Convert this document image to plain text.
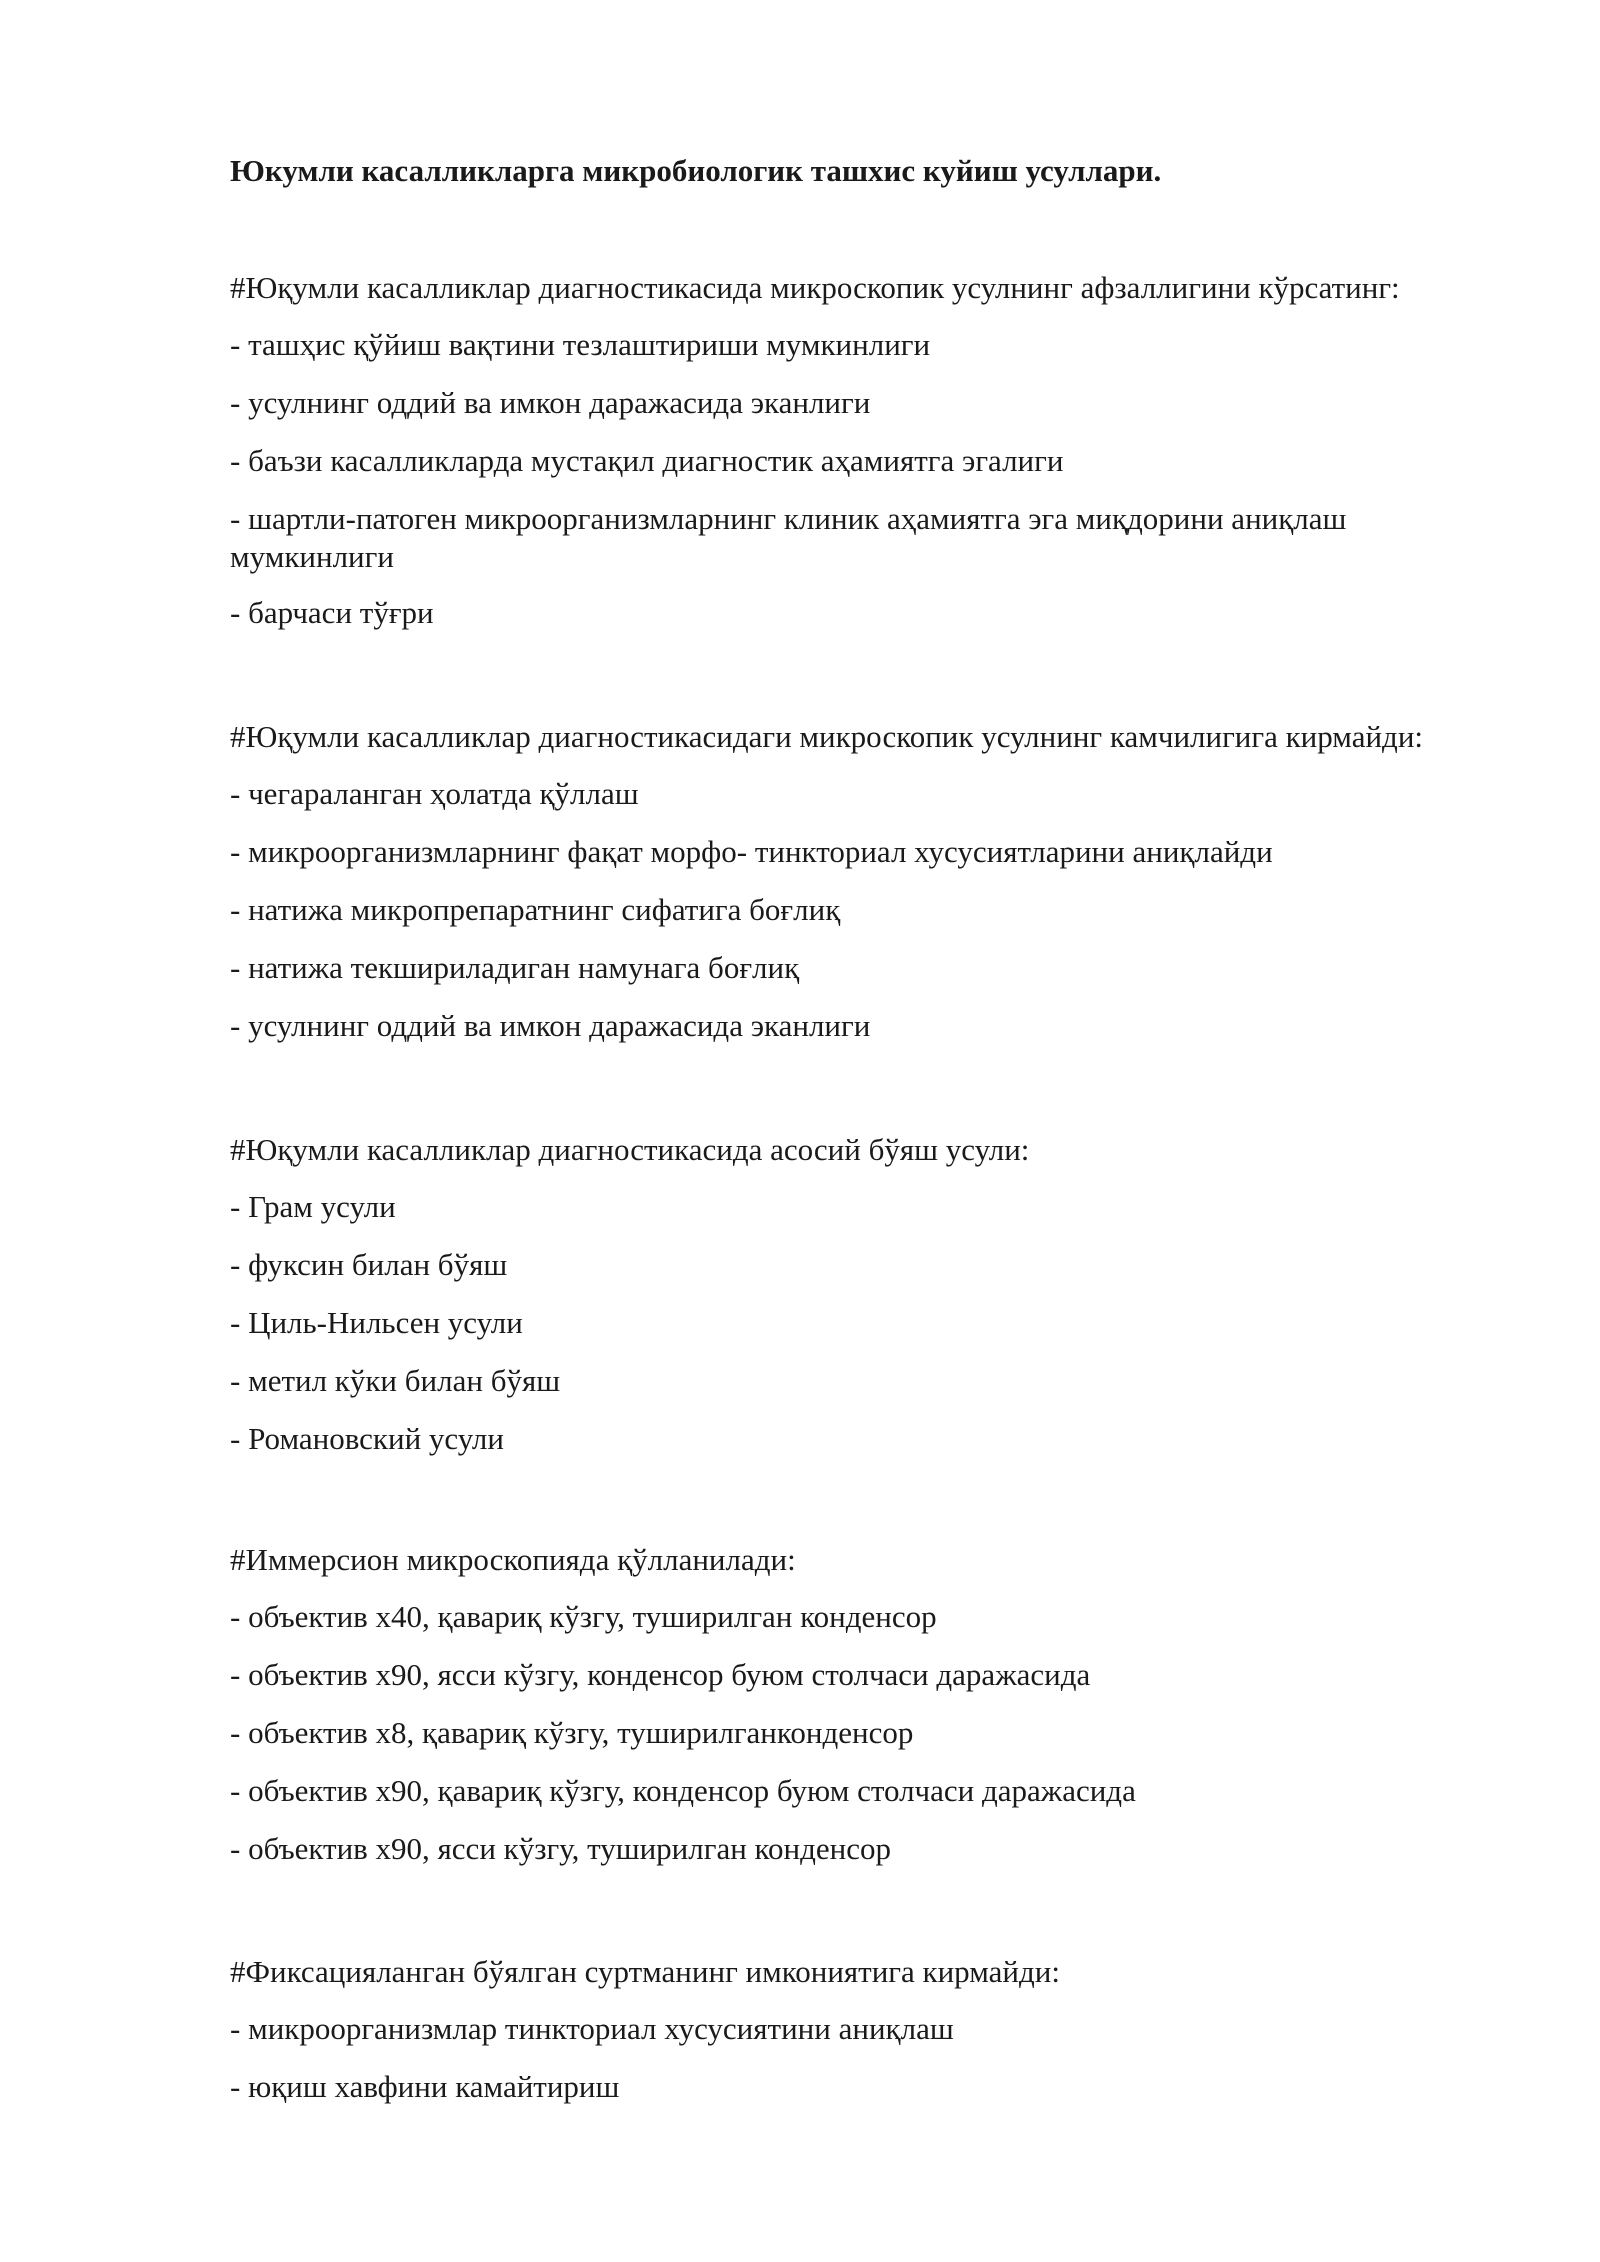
Юкумли касалликларга микробиологик ташхис куйиш усуллари.
#Юқумли касалликлар диагностикасида микроскопик усулнинг афзаллигини кўрсатинг:
- ташҳис қўйиш вақтини тезлаштириши мумкинлиги
- усулнинг оддий ва имкон даражасида эканлиги
- баъзи касалликларда мустақил диагностик аҳамиятга эгалиги
- шартли-патоген микроорганизмларнинг клиник аҳамиятга эга миқдорини аниқлаш мумкинлиги
- барчаси тўғри
#Юқумли касалликлар диагностикасидаги микроскопик усулнинг камчилигига кирмайди:
- чегараланган ҳолатда қўллаш
- микроорганизмларнинг фақат морфо- тинкториал хусусиятларини аниқлайди
- натижа микропрепаратнинг сифатига боғлиқ
- натижа текшириладиган намунага боғлиқ
- усулнинг оддий ва имкон даражасида эканлиги
#Юқумли касалликлар диагностикасида асосий бўяш усули:
- Грам усули
- фуксин билан бўяш
- Циль-Нильсен усули
- метил кўки билан бўяш
- Романовский усули
#Иммерсион микроскопияда қўлланилади:
- объектив х40, қавариқ кўзгу, туширилган конденсор
- объектив х90, ясси кўзгу, конденсор буюм столчаси даражасида
- объектив х8, қавариқ кўзгу, туширилганконденсор
- объектив х90, қавариқ кўзгу, конденсор буюм столчаси даражасида
- объектив х90, ясси кўзгу, туширилган конденсор
#Фиксацияланган бўялган суртманинг имкониятига кирмайди:
- микроорганизмлар тинкториал хусусиятини аниқлаш
- юқиш хавфини камайтириш
